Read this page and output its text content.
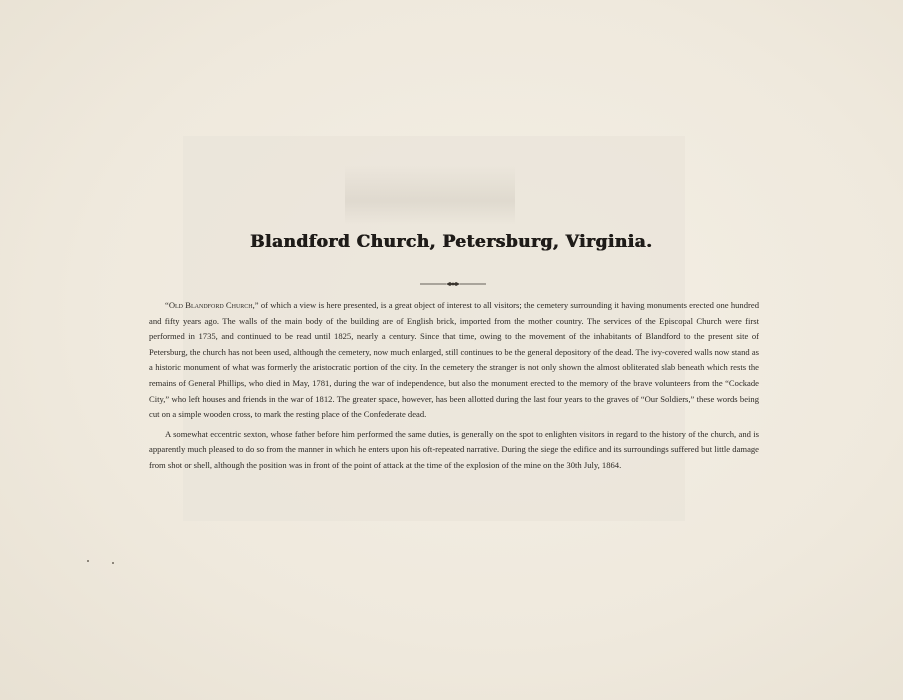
Blandford Church, Petersburg, Virginia.

“Old Blandford Church,” of which a view is here presented, is a great object of interest to all visitors; the cemetery surrounding it having monuments erected one hundred and fifty years ago. The walls of the main body of the building are of English brick, imported from the mother country. The services of the Episcopal Church were first performed in 1735, and continued to be read until 1825, nearly a century. Since that time, owing to the movement of the inhabitants of Blandford to the present site of Petersburg, the church has not been used, although the cemetery, now much enlarged, still continues to be the general depository of the dead. The ivy-covered walls now stand as a historic monument of what was formerly the aristocratic portion of the city. In the cemetery the stranger is not only shown the almost obliterated slab beneath which rests the remains of General Phillips, who died in May, 1781, during the war of independence, but also the monument erected to the memory of the brave volunteers from the “Cockade City,” who left houses and friends in the war of 1812. The greater space, however, has been allotted during the last four years to the graves of “Our Soldiers,” these words being cut on a simple wooden cross, to mark the resting place of the Confederate dead.

A somewhat eccentric sexton, whose father before him performed the same duties, is generally on the spot to enlighten visitors in regard to the history of the church, and is apparently much pleased to do so from the manner in which he enters upon his oft-repeated narrative. During the siege the edifice and its surroundings suffered but little damage from shot or shell, although the position was in front of the point of attack at the time of the explosion of the mine on the 30th July, 1864.
